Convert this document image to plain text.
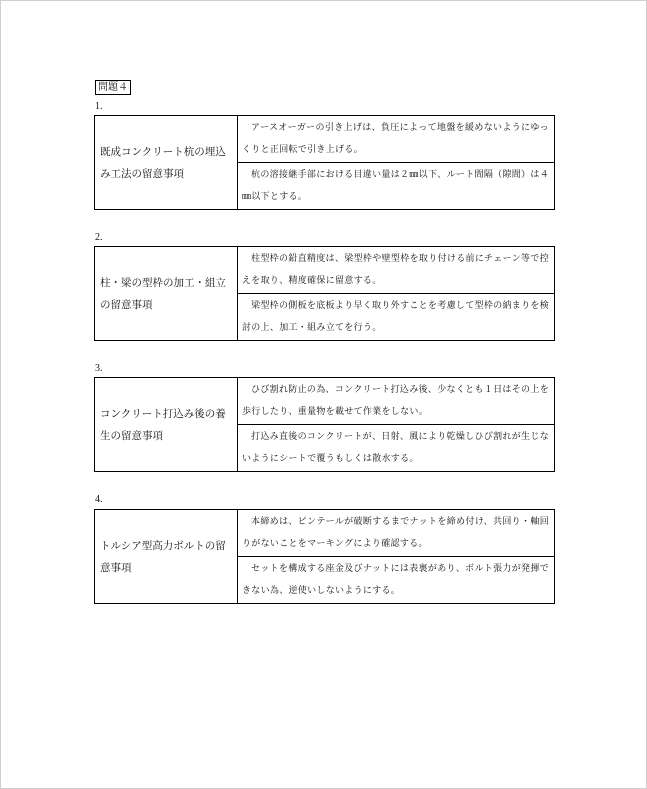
問題４
1.
既成コンクリート杭の埋込み工法の留意事項	アースオーガーの引き上げは、負圧によって地盤を緩めないようにゆっくりと正回転で引き上げる。
杭の溶接継手部における目違い量は２㎜以下、ルート間隔（隙間）は４㎜以下とする。
2.
柱・梁の型枠の加工・組立の留意事項	柱型枠の鉛直精度は、梁型枠や壁型枠を取り付ける前にチェーン等で控えを取り、精度確保に留意する。
梁型枠の側板を底板より早く取り外すことを考慮して型枠の納まりを検討の上、加工・組み立てを行う。
3.
コンクリート打込み後の養生の留意事項	ひび割れ防止の為、コンクリート打込み後、少なくとも１日はその上を歩行したり、重量物を載せて作業をしない。
打込み直後のコンクリートが、日射、風により乾燥しひび割れが生じないようにシートで覆うもしくは散水する。
4.
トルシア型高力ボルトの留意事項	本締めは、ピンテールが破断するまでナットを締め付け、共回り・軸回りがないことをマーキングにより確認する。
セットを構成する座金及びナットには表裏があり、ボルト張力が発揮できない為、逆使いしないようにする。
